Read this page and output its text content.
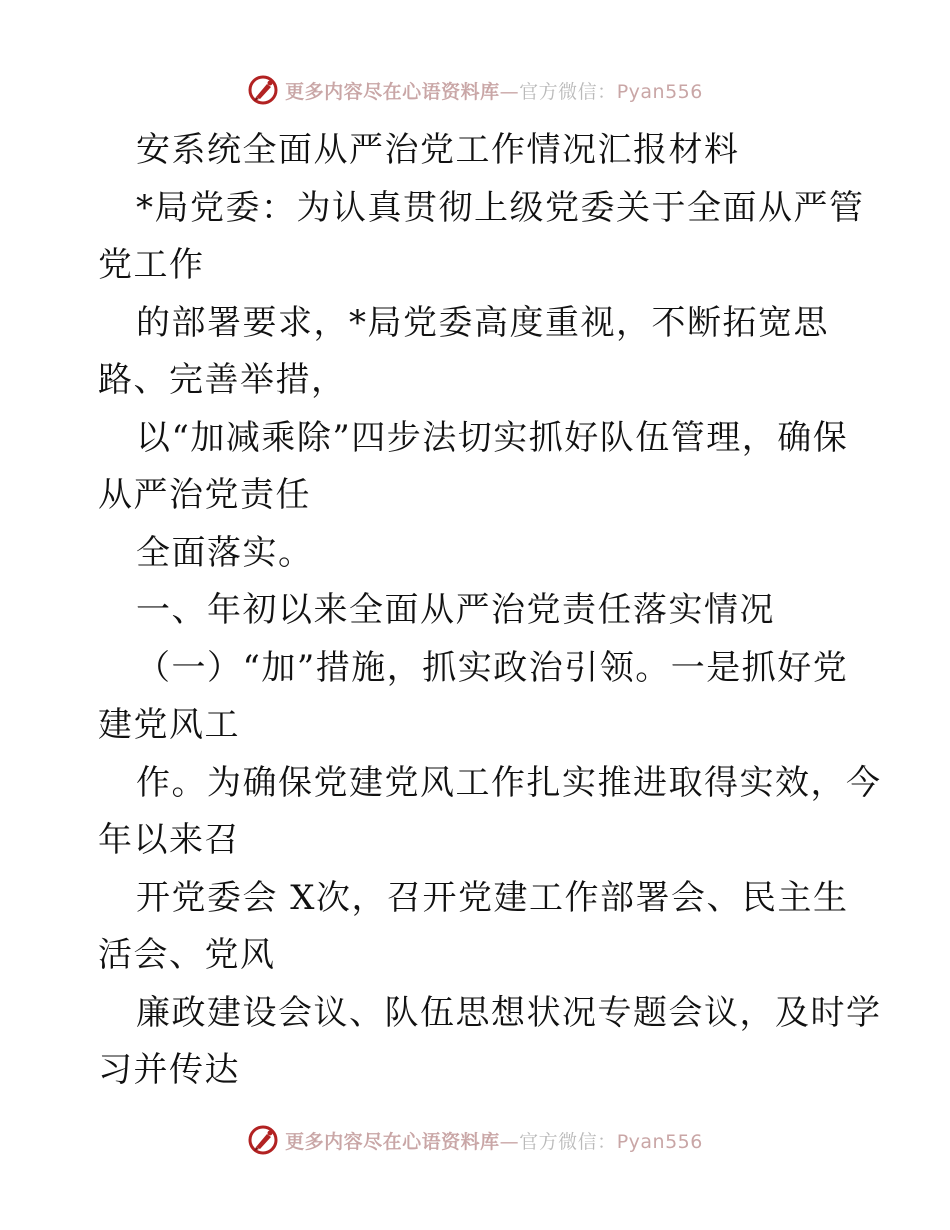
更多内容尽在心语资料库—官方微信：Pyan556
安系统全面从严治党工作情况汇报材料
*局党委：为认真贯彻上级党委关于全面从严管
党工作
的部署要求，*局党委高度重视，不断拓宽思
路、完善举措，
以“加减乘除”四步法切实抓好队伍管理，确保
从严治党责任
全面落实。
一、年初以来全面从严治党责任落实情况
（一）“加”措施，抓实政治引领。一是抓好党
建党风工
作。为确保党建党风工作扎实推进取得实效，今
年以来召
开党委会 X次，召开党建工作部署会、民主生
活会、党风
廉政建设会议、队伍思想状况专题会议，及时学
习并传达
更多内容尽在心语资料库—官方微信：Pyan556
